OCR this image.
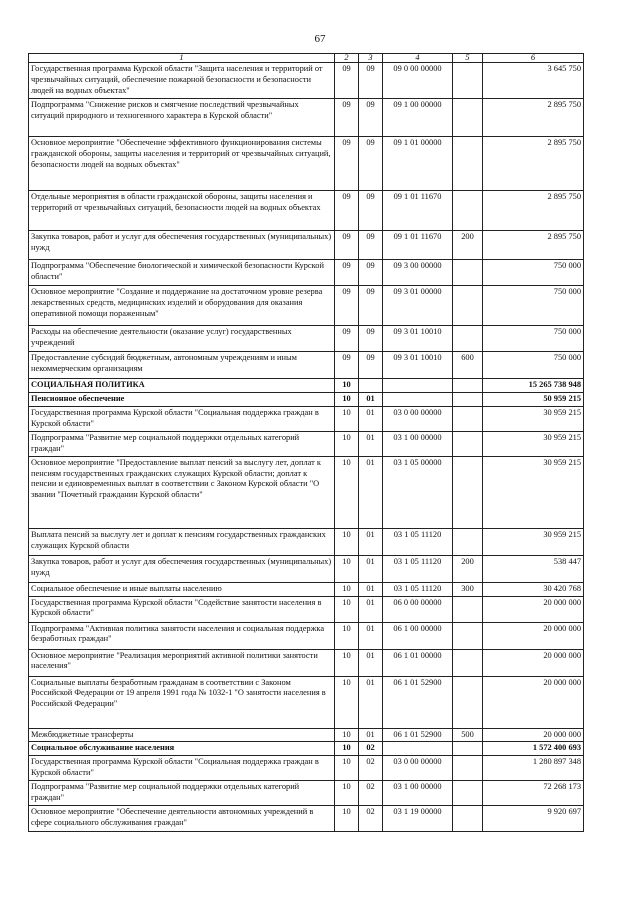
67
1	2	3	4	5	6
Государственная программа Курской области "Защита населения и территорий от чрезвычайных ситуаций, обеспечение пожарной безопасности и безопасности людей на водных объектах"	09	09	09 0 00 00000		3 645 750
Подпрограмма "Снижение рисков и смягчение последствий чрезвычайных ситуаций природного и техногенного характера в Курской области"	09	09	09 1 00 00000		2 895 750
Основное мероприятие "Обеспечение эффективного функционирования системы гражданской обороны, защиты населения и территорий от чрезвычайных ситуаций, безопасности людей на водных объектах"	09	09	09 1 01 00000		2 895 750
Отдельные мероприятия в области гражданской обороны, защиты населения и территорий от чрезвычайных ситуаций, безопасности людей на водных объектах	09	09	09 1 01 11670		2 895 750
Закупка товаров, работ и услуг для обеспечения государственных (муниципальных) нужд	09	09	09 1 01 11670	200	2 895 750
Подпрограмма "Обеспечение биологической и химической безопасности Курской области"	09	09	09 3 00 00000		750 000
Основное мероприятие "Создание и поддержание на достаточном уровне резерва лекарственных средств, медицинских изделий и оборудования для оказания оперативной помощи пораженным"	09	09	09 3 01 00000		750 000
Расходы на обеспечение деятельности (оказание услуг) государственных учреждений	09	09	09 3 01 10010		750 000
Предоставление субсидий бюджетным, автономным учреждениям и иным некоммерческим организациям	09	09	09 3 01 10010	600	750 000
СОЦИАЛЬНАЯ ПОЛИТИКА	10				15 265 738 948
Пенсионное обеспечение	10	01			50 959 215
Государственная программа Курской области "Социальная поддержка граждан в Курской области"	10	01	03 0 00 00000		30 959 215
Подпрограмма "Развитие мер социальной поддержки отдельных категорий граждан"	10	01	03 1 00 00000		30 959 215
Основное мероприятие "Предоставление выплат пенсий за выслугу лет, доплат к пенсиям государственных гражданских служащих Курской области; доплат к пенсии и единовременных выплат в соответствии с Законом Курской области "О звании "Почетный гражданин Курской области"	10	01	03 1 05 00000		30 959 215
Выплата пенсий за выслугу лет и доплат к пенсиям государственных гражданских служащих Курской области	10	01	03 1 05 11120		30 959 215
Закупка товаров, работ и услуг для обеспечения государственных (муниципальных) нужд	10	01	03 1 05 11120	200	538 447
Социальное обеспечение и иные выплаты населению	10	01	03 1 05 11120	300	30 420 768
Государственная программа Курской области "Содействие занятости населения в Курской области"	10	01	06 0 00 00000		20 000 000
Подпрограмма "Активная политика занятости населения и социальная поддержка безработных граждан"	10	01	06 1 00 00000		20 000 000
Основное мероприятие "Реализация мероприятий активной политики занятости населения"	10	01	06 1 01 00000		20 000 000
Социальные выплаты безработным гражданам в соответствии с Законом Российской Федерации от 19 апреля 1991 года № 1032-1 "О занятости населения в Российской Федерации"	10	01	06 1 01 52900		20 000 000
Межбюджетные трансферты	10	01	06 1 01 52900	500	20 000 000
Социальное обслуживание населения	10	02			1 572 400 693
Государственная программа Курской области "Социальная поддержка граждан в Курской области"	10	02	03 0 00 00000		1 280 897 348
Подпрограмма "Развитие мер социальной поддержки отдельных категорий граждан"	10	02	03 1 00 00000		72 268 173
Основное мероприятие "Обеспечение деятельности автономных учреждений в сфере социального обслуживания граждан"	10	02	03 1 19 00000		9 920 697
